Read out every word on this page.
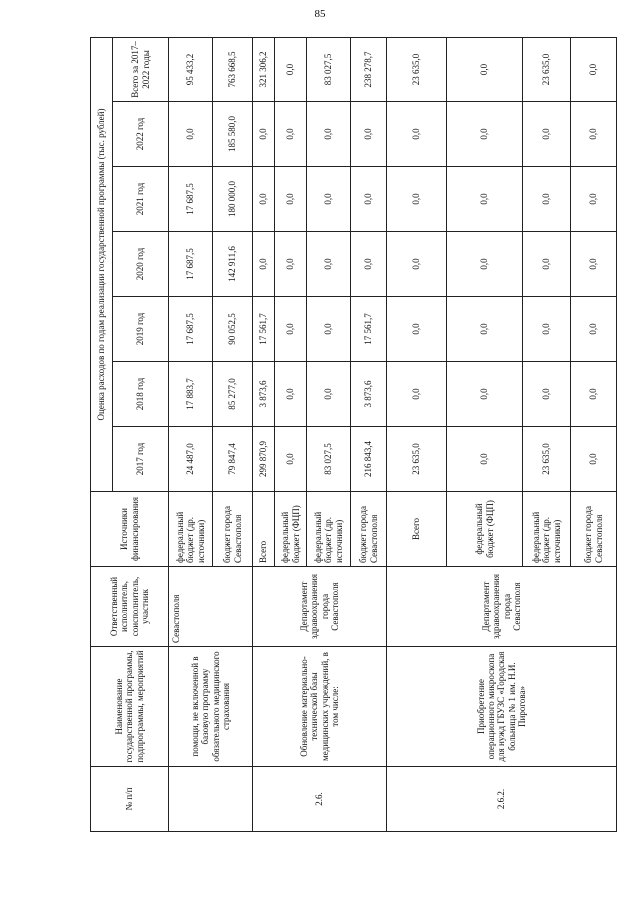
85
№ п/п	Наименование государственной программы, подпрограммы, мероприятий	Ответственный исполнитель, соисполнитель, участник	Источники финансирования	Оценка расходов по годам реализации государственной программы (тыс. рублей)						
				2017 год	2018 год	2019 год	2020 год	2021 год	2022 год	Всего за 2017–2022 годы
	помощи, не включенной в базовую программу обязательного медицинского страхования	Севастополя	федеральный бюджет (др. источники)	24 487,0	17 883,7	17 687,5	17 687,5	17 687,5	0,0	95 433,2
			бюджет города Севастополя	79 847,4	85 277,0	90 052,5	142 911,6	180 000,0	185 580,0	763 668,5
2.6.	Обновление материально-технической базы медицинских учреждений, в том числе:	Департамент здравоохранения города Севастополя	Всего	299 870,9	3 873,6	17 561,7	0,0	0,0	0,0	321 306,2
			федеральный бюджет (ФЦП)	0,0	0,0	0,0	0,0	0,0	0,0	0,0
			федеральный бюджет (др. источники)	83 027,5	0,0	0,0	0,0	0,0	0,0	83 027,5
			бюджет города Севастополя	216 843,4	3 873,6	17 561,7	0,0	0,0	0,0	238 278,7
2.6.2.	Приобретение операционного микроскопа для нужд ГБУЗС «Городская больница № 1 им. Н.И. Пирогова»	Департамент здравоохранения города Севастополя	Всего	23 635,0	0,0	0,0	0,0	0,0	0,0	23 635,0
			федеральный бюджет (ФЦП)	0,0	0,0	0,0	0,0	0,0	0,0	0,0
			федеральный бюджет (др. источники)	23 635,0	0,0	0,0	0,0	0,0	0,0	23 635,0
			бюджет города Севастополя	0,0	0,0	0,0	0,0	0,0	0,0	0,0
